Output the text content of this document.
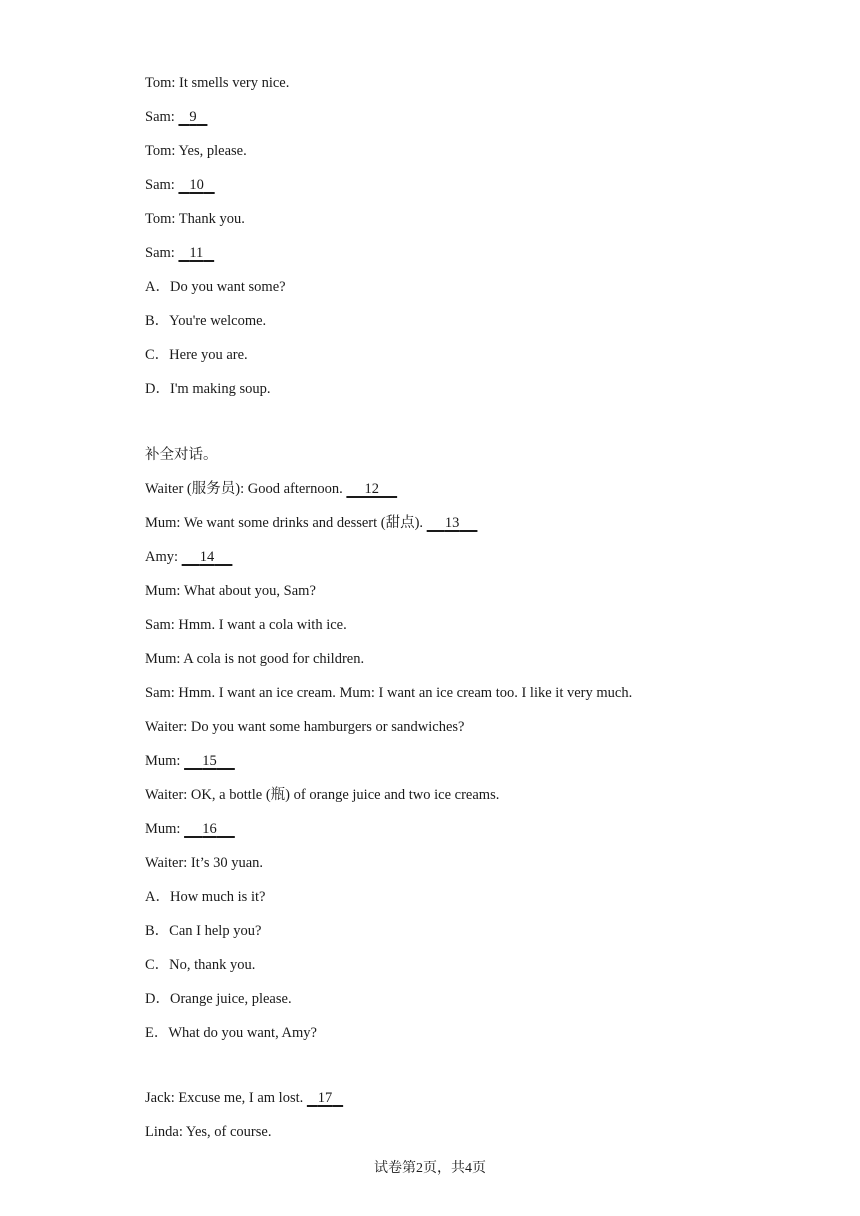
Tom: It smells very nice.
Sam: 9
Tom: Yes, please.
Sam: 10
Tom: Thank you.
Sam: 11
A．Do you want some?
B．You're welcome.
C．Here you are.
D．I'm making soup.
补全对话。
Waiter (服务员): Good afternoon. 12
Mum: We want some drinks and dessert (甜点). 13
Amy: 14
Mum: What about you, Sam?
Sam: Hmm. I want a cola with ice.
Mum: A cola is not good for children.
Sam: Hmm. I want an ice cream. Mum: I want an ice cream too. I like it very much.
Waiter: Do you want some hamburgers or sandwiches?
Mum: 15
Waiter: OK, a bottle (瓶) of orange juice and two ice creams.
Mum: 16
Waiter: It’s 30 yuan.
A．How much is it?
B．Can I help you?
C．No, thank you.
D．Orange juice, please.
E．What do you want, Amy?
Jack: Excuse me, I am lost. 17
Linda: Yes, of course.
试卷第2页，共4页
